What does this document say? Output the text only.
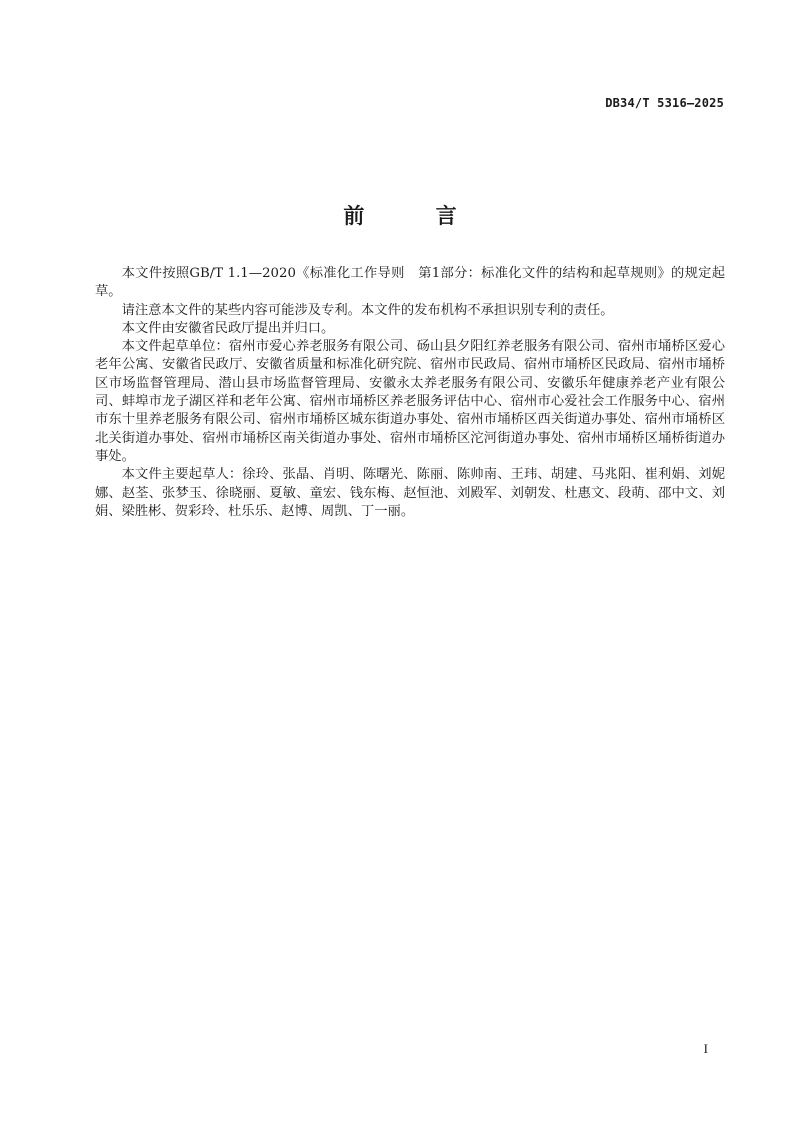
DB34/T 5316—2025
前 言

本文件按照GB/T 1.1—2020《标准化工作导则　第1部分：标准化文件的结构和起草规则》的规定起草。

请注意本文件的某些内容可能涉及专利。本文件的发布机构不承担识别专利的责任。

本文件由安徽省民政厅提出并归口。

本文件起草单位：宿州市爱心养老服务有限公司、砀山县夕阳红养老服务有限公司、宿州市埇桥区爱心老年公寓、安徽省民政厅、安徽省质量和标准化研究院、宿州市民政局、宿州市埇桥区民政局、宿州市埇桥区市场监督管理局、潜山县市场监督管理局、安徽永太养老服务有限公司、安徽乐年健康养老产业有限公司、蚌埠市龙子湖区祥和老年公寓、宿州市埇桥区养老服务评估中心、宿州市心爱社会工作服务中心、宿州市东十里养老服务有限公司、宿州市埇桥区城东街道办事处、宿州市埇桥区西关街道办事处、宿州市埇桥区北关街道办事处、宿州市埇桥区南关街道办事处、宿州市埇桥区沱河街道办事处、宿州市埇桥区埇桥街道办事处。

本文件主要起草人：徐玲、张晶、肖明、陈曙光、陈丽、陈帅南、王玮、胡建、马兆阳、崔利娟、刘妮娜、赵荃、张梦玉、徐晓丽、夏敏、童宏、钱东梅、赵恒池、刘殿军、刘朝发、杜惠文、段萌、邵中文、刘娟、梁胜彬、贺彩玲、杜乐乐、赵博、周凯、丁一丽。

I
